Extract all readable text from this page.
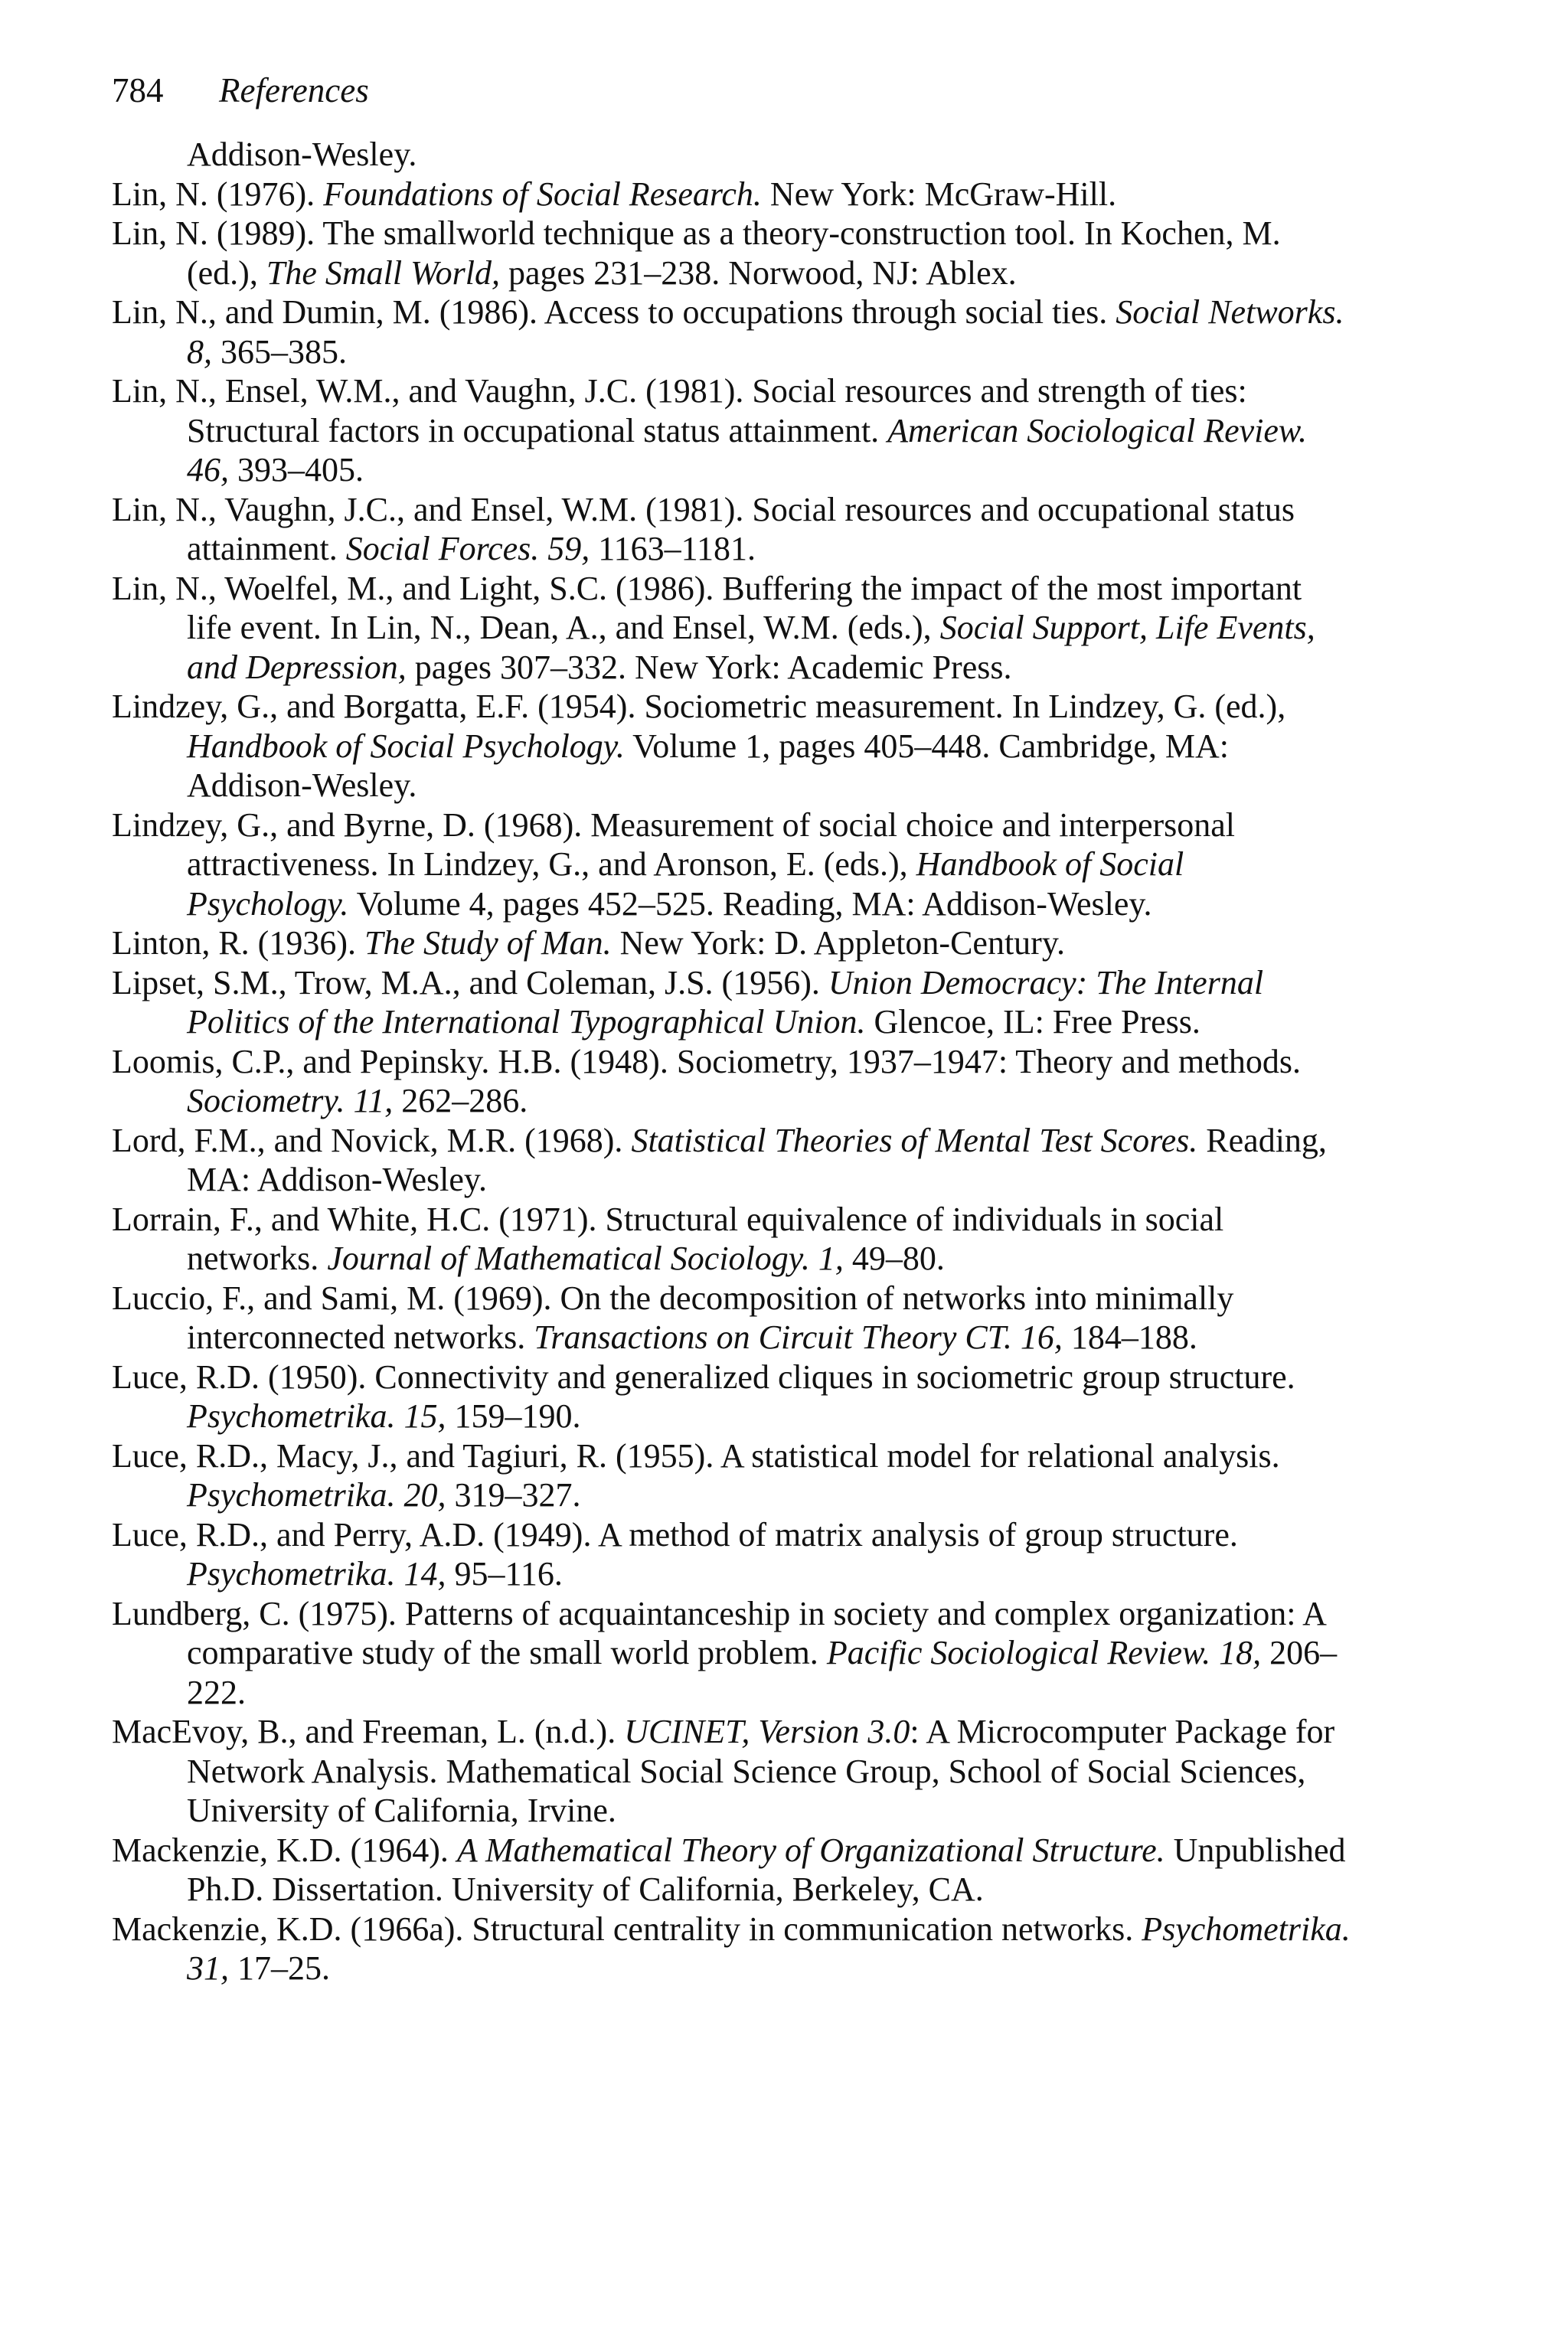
784 References

Addison-Wesley.

Lin, N. (1976). Foundations of Social Research. New York: McGraw-Hill.

Lin, N. (1989). The smallworld technique as a theory-construction tool. In Kochen, M. (ed.), The Small World, pages 231–238. Norwood, NJ: Ablex.

Lin, N., and Dumin, M. (1986). Access to occupations through social ties. Social Networks. 8, 365–385.

Lin, N., Ensel, W.M., and Vaughn, J.C. (1981). Social resources and strength of ties: Structural factors in occupational status attainment. American Sociological Review. 46, 393–405.

Lin, N., Vaughn, J.C., and Ensel, W.M. (1981). Social resources and occupational status attainment. Social Forces. 59, 1163–1181.

Lin, N., Woelfel, M., and Light, S.C. (1986). Buffering the impact of the most important life event. In Lin, N., Dean, A., and Ensel, W.M. (eds.), Social Support, Life Events, and Depression, pages 307–332. New York: Academic Press.

Lindzey, G., and Borgatta, E.F. (1954). Sociometric measurement. In Lindzey, G. (ed.), Handbook of Social Psychology. Volume 1, pages 405–448. Cambridge, MA: Addison-Wesley.

Lindzey, G., and Byrne, D. (1968). Measurement of social choice and interpersonal attractiveness. In Lindzey, G., and Aronson, E. (eds.), Handbook of Social Psychology. Volume 4, pages 452–525. Reading, MA: Addison-Wesley.

Linton, R. (1936). The Study of Man. New York: D. Appleton-Century.

Lipset, S.M., Trow, M.A., and Coleman, J.S. (1956). Union Democracy: The Internal Politics of the International Typographical Union. Glencoe, IL: Free Press.

Loomis, C.P., and Pepinsky. H.B. (1948). Sociometry, 1937–1947: Theory and methods. Sociometry. 11, 262–286.

Lord, F.M., and Novick, M.R. (1968). Statistical Theories of Mental Test Scores. Reading, MA: Addison-Wesley.

Lorrain, F., and White, H.C. (1971). Structural equivalence of individuals in social networks. Journal of Mathematical Sociology. 1, 49–80.

Luccio, F., and Sami, M. (1969). On the decomposition of networks into minimally interconnected networks. Transactions on Circuit Theory CT. 16, 184–188.

Luce, R.D. (1950). Connectivity and generalized cliques in sociometric group structure. Psychometrika. 15, 159–190.

Luce, R.D., Macy, J., and Tagiuri, R. (1955). A statistical model for relational analysis. Psychometrika. 20, 319–327.

Luce, R.D., and Perry, A.D. (1949). A method of matrix analysis of group structure. Psychometrika. 14, 95–116.

Lundberg, C. (1975). Patterns of acquaintanceship in society and complex organization: A comparative study of the small world problem. Pacific Sociological Review. 18, 206–222.

MacEvoy, B., and Freeman, L. (n.d.). UCINET, Version 3.0: A Microcomputer Package for Network Analysis. Mathematical Social Science Group, School of Social Sciences, University of California, Irvine.

Mackenzie, K.D. (1964). A Mathematical Theory of Organizational Structure. Unpublished Ph.D. Dissertation. University of California, Berkeley, CA.

Mackenzie, K.D. (1966a). Structural centrality in communication networks. Psychometrika. 31, 17–25.
